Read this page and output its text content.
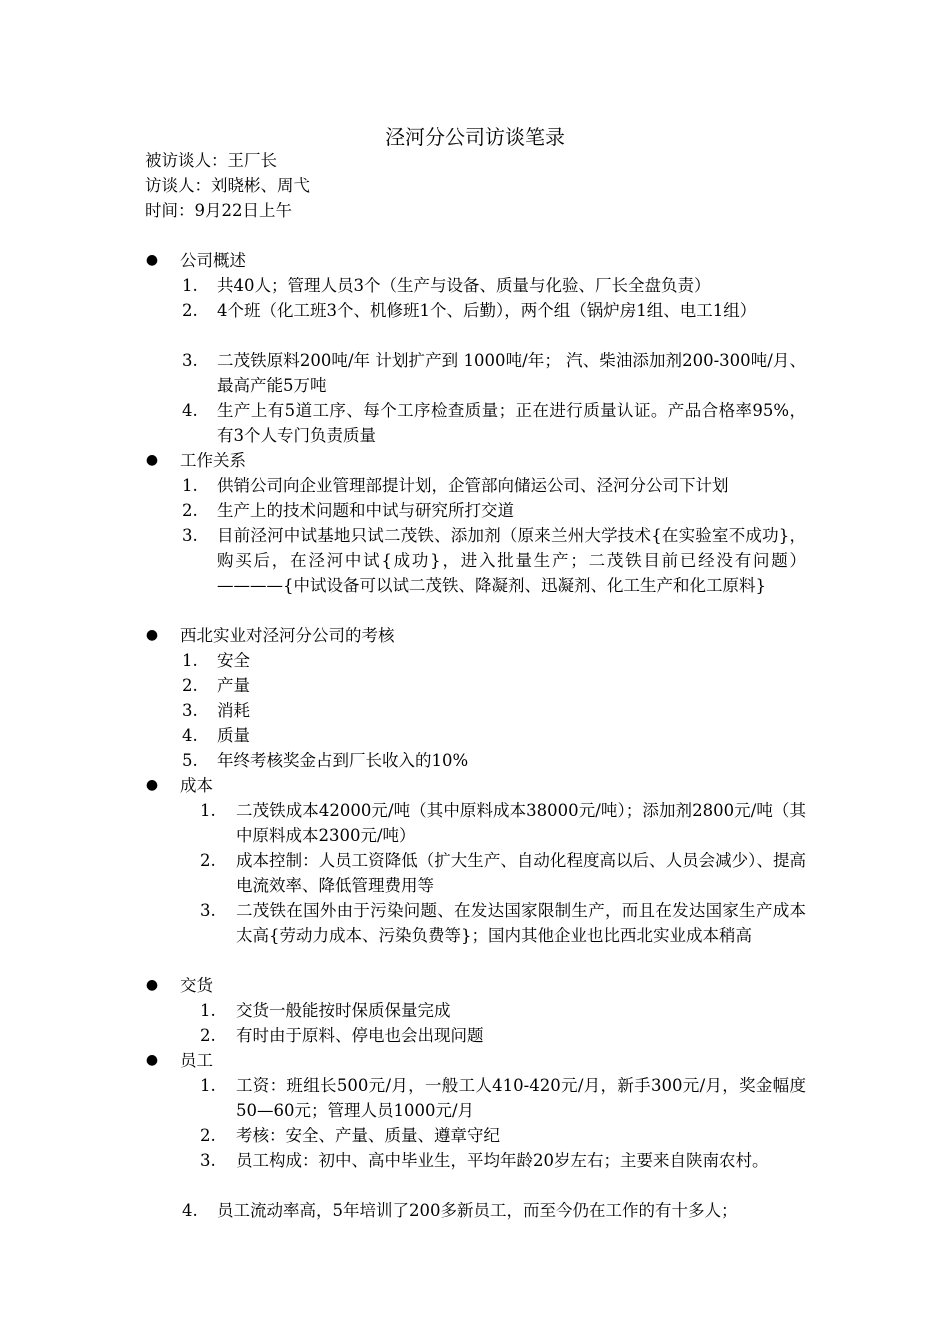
泾河分公司访谈笔录
被访谈人：王厂长
访谈人：刘晓彬、周弋
时间：9月22日上午
● 公司概述
1. 共40人；管理人员3个（生产与设备、质量与化验、厂长全盘负责）
2. 4个班（化工班3个、机修班1个、后勤），两个组（锅炉房1组、电工1组）
3. 二茂铁原料200吨/年 计划扩产到 1000吨/年； 汽、柴油添加剂200-300吨/月、最高产能5万吨
4. 生产上有5道工序、每个工序检查质量；正在进行质量认证。产品合格率95%，有3个人专门负责质量
● 工作关系
1. 供销公司向企业管理部提计划，企管部向储运公司、泾河分公司下计划
2. 生产上的技术问题和中试与研究所打交道
3. 目前泾河中试基地只试二茂铁、添加剂（原来兰州大学技术{在实验室不成功}，购买后，在泾河中试{成功}，进入批量生产；二茂铁目前已经没有问题）————{中试设备可以试二茂铁、降凝剂、迅凝剂、化工生产和化工原料}
● 西北实业对泾河分公司的考核
1. 安全
2. 产量
3. 消耗
4. 质量
5. 年终考核奖金占到厂长收入的10%
● 成本
1. 二茂铁成本42000元/吨（其中原料成本38000元/吨）；添加剂2800元/吨（其中原料成本2300元/吨）
2. 成本控制：人员工资降低（扩大生产、自动化程度高以后、人员会减少）、提高电流效率、降低管理费用等
3. 二茂铁在国外由于污染问题、在发达国家限制生产，而且在发达国家生产成本太高{劳动力成本、污染负费等}；国内其他企业也比西北实业成本稍高
● 交货
1. 交货一般能按时保质保量完成
2. 有时由于原料、停电也会出现问题
● 员工
1. 工资：班组长500元/月，一般工人410-420元/月，新手300元/月，奖金幅度50—60元；管理人员1000元/月
2. 考核：安全、产量、质量、遵章守纪
3. 员工构成：初中、高中毕业生，平均年龄20岁左右；主要来自陕南农村。
4. 员工流动率高，5年培训了200多新员工，而至今仍在工作的有十多人；
